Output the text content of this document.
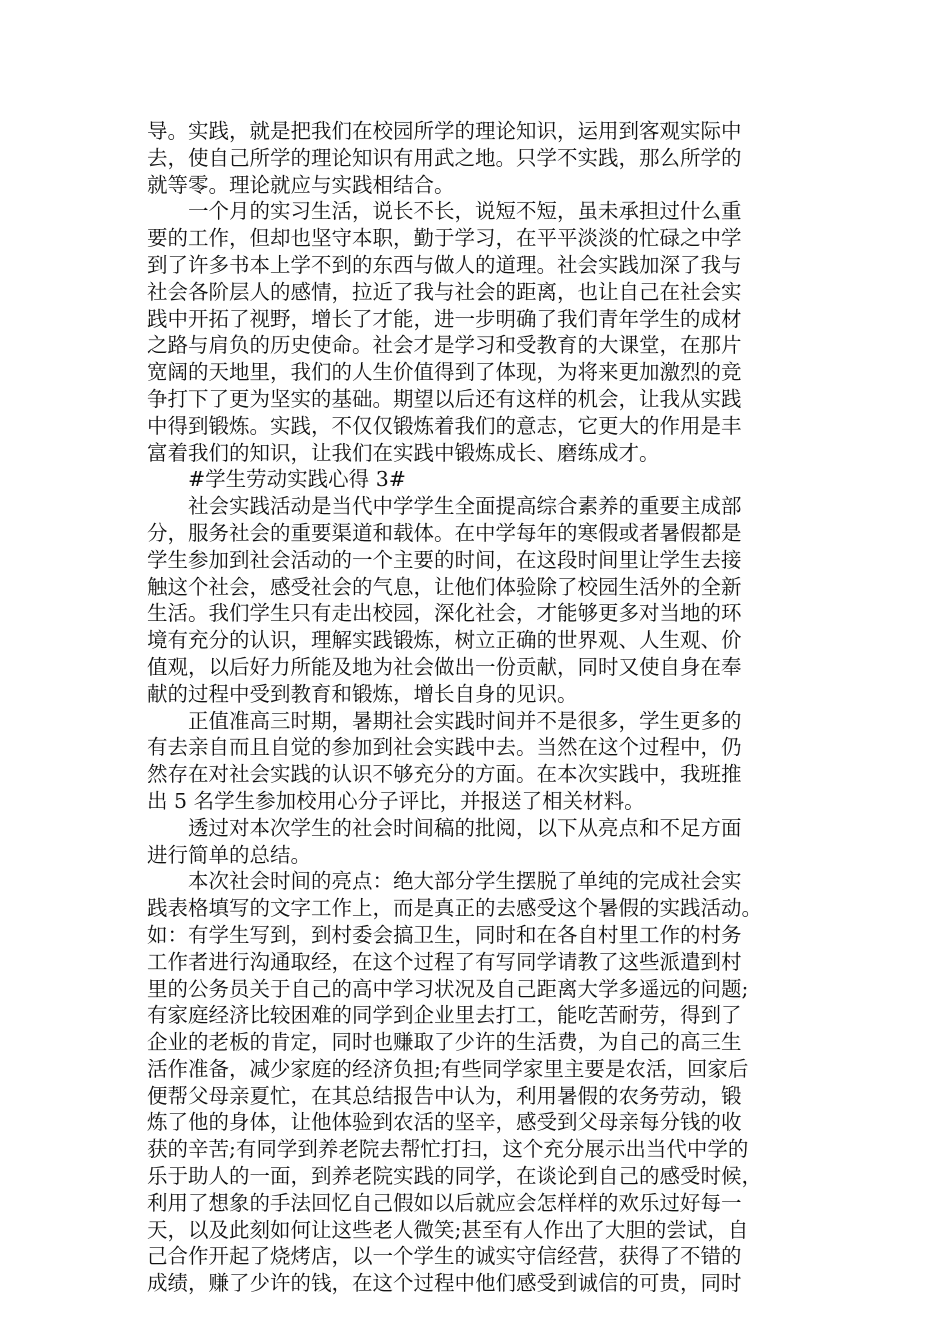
导。实践，就是把我们在校园所学的理论知识，运用到客观实际中
去，使自己所学的理论知识有用武之地。只学不实践，那么所学的
就等零。理论就应与实践相结合。
一个月的实习生活，说长不长，说短不短，虽未承担过什么重
要的工作，但却也坚守本职，勤于学习，在平平淡淡的忙碌之中学
到了许多书本上学不到的东西与做人的道理。社会实践加深了我与
社会各阶层人的感情，拉近了我与社会的距离，也让自己在社会实
践中开拓了视野，增长了才能，进一步明确了我们青年学生的成材
之路与肩负的历史使命。社会才是学习和受教育的大课堂，在那片
宽阔的天地里，我们的人生价值得到了体现，为将来更加激烈的竞
争打下了更为坚实的基础。期望以后还有这样的机会，让我从实践
中得到锻炼。实践，不仅仅锻炼着我们的意志，它更大的作用是丰
富着我们的知识，让我们在实践中锻炼成长、磨练成才。
#学生劳动实践心得 3#
社会实践活动是当代中学学生全面提高综合素养的重要主成部
分，服务社会的重要渠道和载体。在中学每年的寒假或者暑假都是
学生参加到社会活动的一个主要的时间，在这段时间里让学生去接
触这个社会，感受社会的气息，让他们体验除了校园生活外的全新
生活。我们学生只有走出校园，深化社会，才能够更多对当地的环
境有充分的认识，理解实践锻炼，树立正确的世界观、人生观、价
值观，以后好力所能及地为社会做出一份贡献，同时又使自身在奉
献的过程中受到教育和锻炼，增长自身的见识。
正值准高三时期，暑期社会实践时间并不是很多，学生更多的
有去亲自而且自觉的参加到社会实践中去。当然在这个过程中，仍
然存在对社会实践的认识不够充分的方面。在本次实践中，我班推
出 5 名学生参加校用心分子评比，并报送了相关材料。
透过对本次学生的社会时间稿的批阅，以下从亮点和不足方面
进行简单的总结。
本次社会时间的亮点：绝大部分学生摆脱了单纯的完成社会实
践表格填写的文字工作上，而是真正的去感受这个暑假的实践活动。
如：有学生写到，到村委会搞卫生，同时和在各自村里工作的村务
工作者进行沟通取经，在这个过程了有写同学请教了这些派遣到村
里的公务员关于自己的高中学习状况及自己距离大学多遥远的问题;
有家庭经济比较困难的同学到企业里去打工，能吃苦耐劳，得到了
企业的老板的肯定，同时也赚取了少许的生活费，为自己的高三生
活作准备，减少家庭的经济负担;有些同学家里主要是农活，回家后
便帮父母亲夏忙，在其总结报告中认为，利用暑假的农务劳动，锻
炼了他的身体，让他体验到农活的坚辛，感受到父母亲每分钱的收
获的辛苦;有同学到养老院去帮忙打扫，这个充分展示出当代中学的
乐于助人的一面，到养老院实践的同学，在谈论到自己的感受时候，
利用了想象的手法回忆自己假如以后就应会怎样样的欢乐过好每一
天，以及此刻如何让这些老人微笑;甚至有人作出了大胆的尝试，自
己合作开起了烧烤店，以一个学生的诚实守信经营，获得了不错的
成绩，赚了少许的钱，在这个过程中他们感受到诚信的可贵，同时
